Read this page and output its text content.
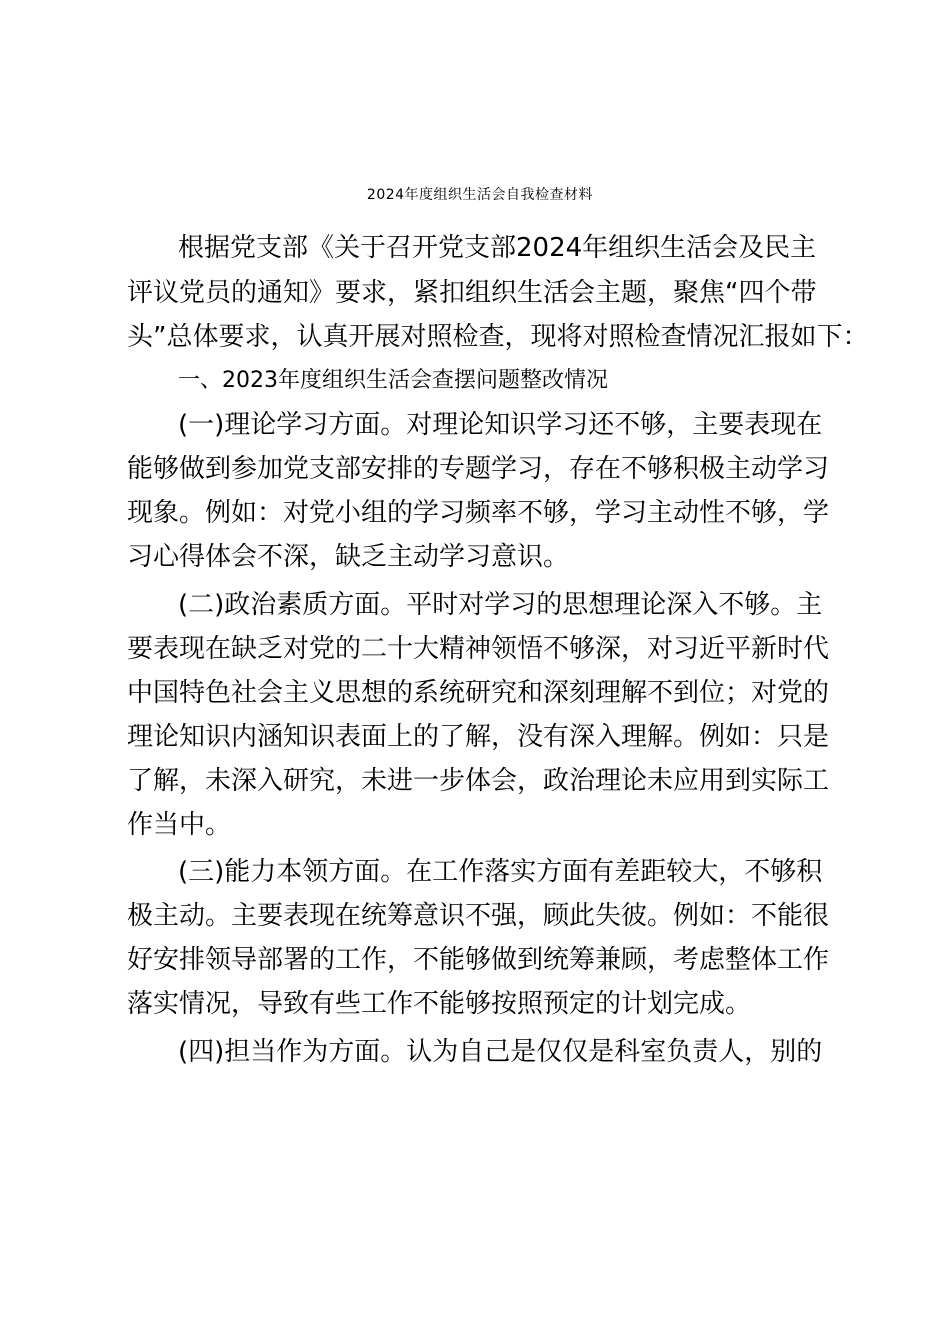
2024年度组织生活会自我检查材料
根据党支部《关于召开党支部2024年组织生活会及民主
评议党员的通知》要求，紧扣组织生活会主题，聚焦“四个带
头”总体要求，认真开展对照检查，现将对照检查情况汇报如下：
一、2023年度组织生活会查摆问题整改情况
(一)理论学习方面。对理论知识学习还不够，主要表现在
能够做到参加党支部安排的专题学习，存在不够积极主动学习
现象。例如：对党小组的学习频率不够，学习主动性不够，学
习心得体会不深，缺乏主动学习意识。
(二)政治素质方面。平时对学习的思想理论深入不够。主
要表现在缺乏对党的二十大精神领悟不够深，对习近平新时代
中国特色社会主义思想的系统研究和深刻理解不到位；对党的
理论知识内涵知识表面上的了解，没有深入理解。例如：只是
了解，未深入研究，未进一步体会，政治理论未应用到实际工
作当中。
(三)能力本领方面。在工作落实方面有差距较大，不够积
极主动。主要表现在统筹意识不强，顾此失彼。例如：不能很
好安排领导部署的工作，不能够做到统筹兼顾，考虑整体工作
落实情况，导致有些工作不能够按照预定的计划完成。
(四)担当作为方面。认为自己是仅仅是科室负责人，别的
